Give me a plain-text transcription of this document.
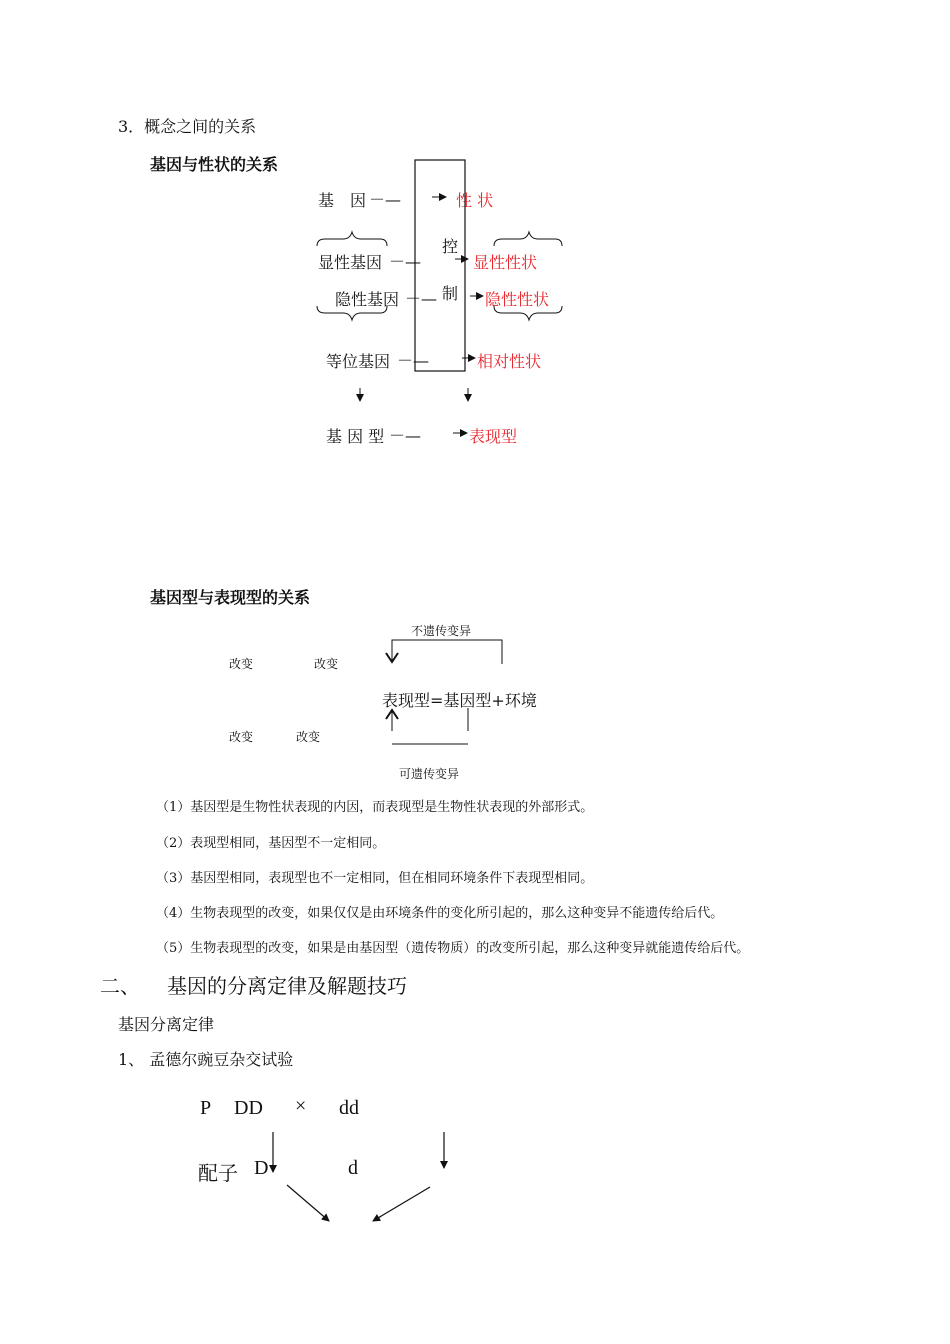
3．概念之间的关系
基因与性状的关系
基　因 －—	性 状
显性基因 －—	显性性状
隐性基因 －—	隐性性状
等位基因 －—	相对性状
基 因 型 －—	表现型
控
制
基因型与表现型的关系
不遗传变异
改变	改变
表现型=基因型+环境
改变	改变
可遗传变异
（1）基因型是生物性状表现的内因，而表现型是生物性状表现的外部形式。
（2）表现型相同，基因型不一定相同。
（3）基因型相同，表现型也不一定相同，但在相同环境条件下表现型相同。
（4）生物表现型的改变，如果仅仅是由环境条件的变化所引起的，那么这种变异不能遗传给后代。
（5）生物表现型的改变，如果是由基因型（遗传物质）的改变所引起，那么这种变异就能遗传给后代。
二、 基因的分离定律及解题技巧
基因分离定律
1、 孟德尔豌豆杂交试验
P DD × dd
配子 D	d
